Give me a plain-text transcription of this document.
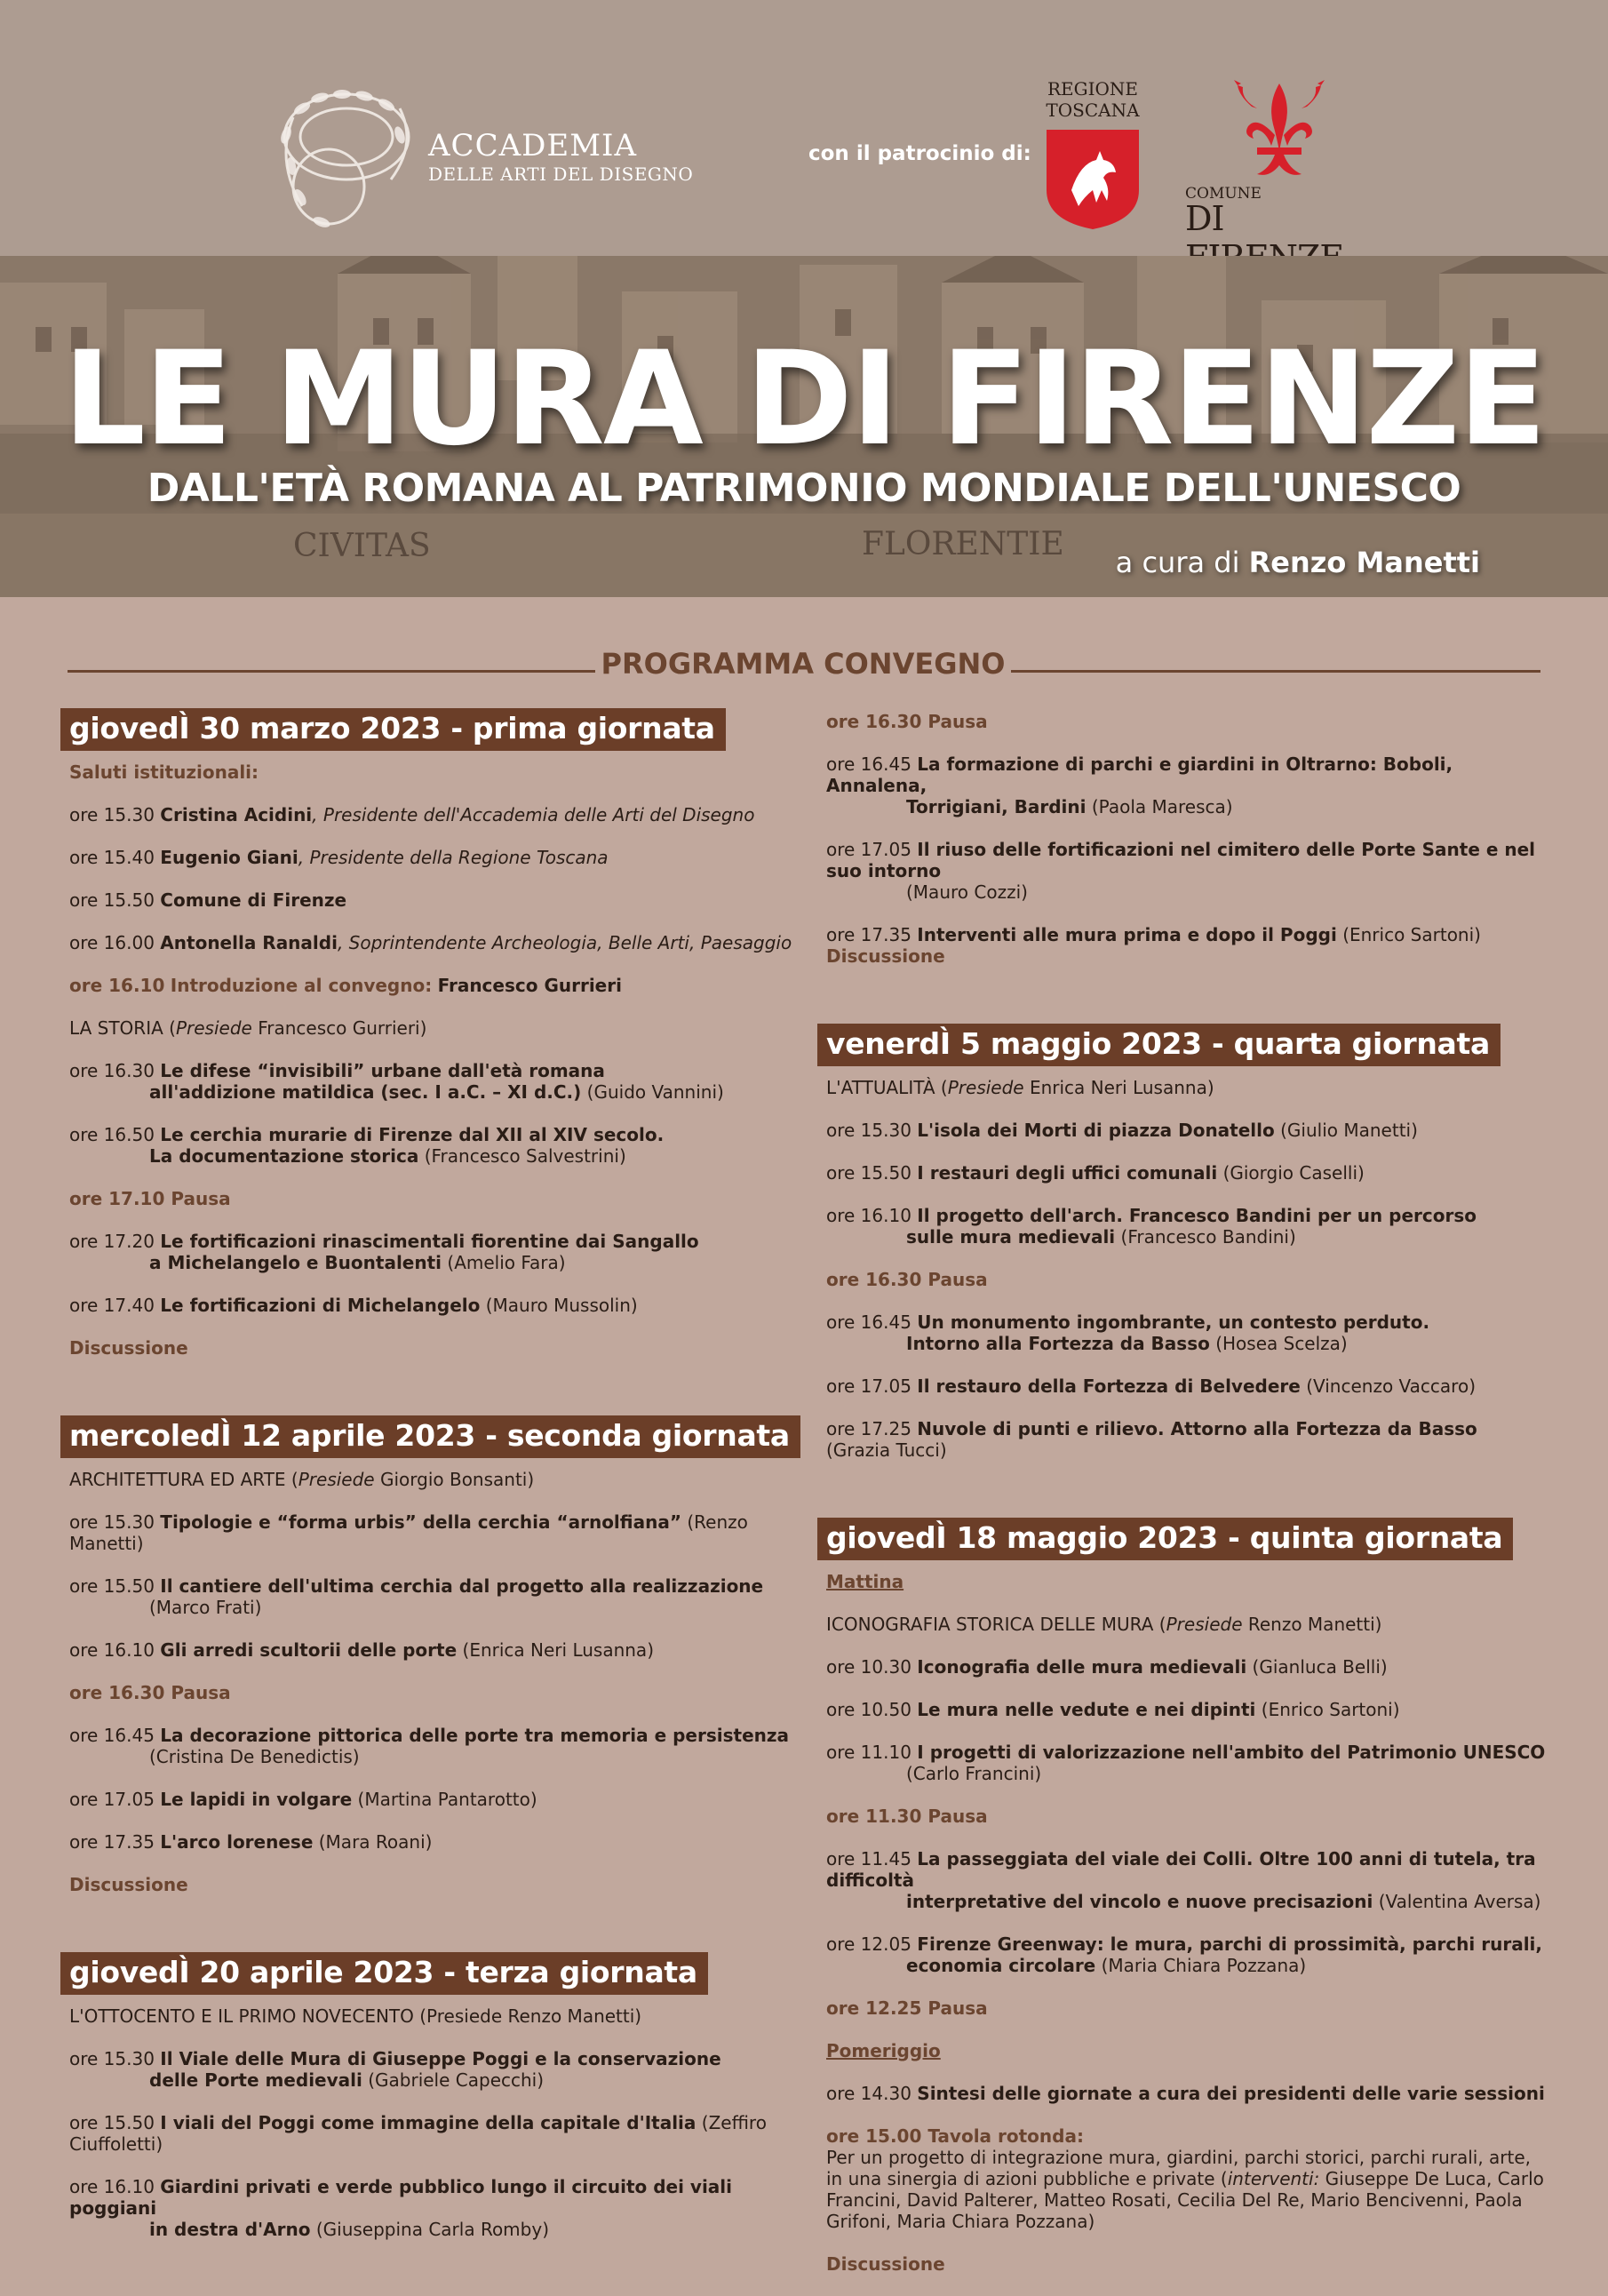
ACCADEMIA
DELLE ARTI DEL DISEGNO
con il patrocinio di:
REGIONE
TOSCANA
COMUNE
DI
CIVITAS	FLORENTIE
LE MURA DI FIRENZE
DALL'ETÀ ROMANA AL PATRIMONIO MONDIALE DELL'UNESCO
a cura di Renzo Manetti
PROGRAMMA CONVEGNO
giovedÌ 30 marzo 2023 - prima giornata
Saluti istituzionali:
ore 15.30 Cristina Acidini, Presidente dell'Accademia delle Arti del Disegno
ore 15.40 Eugenio Giani, Presidente della Regione Toscana
ore 15.50 Comune di Firenze
ore 16.00 Antonella Ranaldi, Soprintendente Archeologia, Belle Arti, Paesaggio
ore 16.10 Introduzione al convegno: Francesco Gurrieri
LA STORIA (Presiede Francesco Gurrieri)
ore 16.30 Le difese “invisibili” urbane dall'età romana
all'addizione matildica (sec. I a.C. – XI d.C.) (Guido Vannini)
ore 16.50 Le cerchia murarie di Firenze dal XII al XIV secolo.
La documentazione storica (Francesco Salvestrini)
ore 17.10 Pausa
ore 17.20 Le fortificazioni rinascimentali fiorentine dai Sangallo
a Michelangelo e Buontalenti (Amelio Fara)
ore 17.40 Le fortificazioni di Michelangelo (Mauro Mussolin)
Discussione
mercoledÌ 12 aprile 2023 - seconda giornata
ARCHITETTURA ED ARTE (Presiede Giorgio Bonsanti)
ore 15.30 Tipologie e “forma urbis” della cerchia “arnolfiana” (Renzo Manetti)
ore 15.50 Il cantiere dell'ultima cerchia dal progetto alla realizzazione
(Marco Frati)
ore 16.10 Gli arredi scultorii delle porte (Enrica Neri Lusanna)
ore 16.30 Pausa
ore 16.45 La decorazione pittorica delle porte tra memoria e persistenza
(Cristina De Benedictis)
ore 17.05 Le lapidi in volgare (Martina Pantarotto)
ore 17.35 L'arco lorenese (Mara Roani)
Discussione
giovedÌ 20 aprile 2023 - terza giornata
L'OTTOCENTO E IL PRIMO NOVECENTO (Presiede Renzo Manetti)
ore 15.30 Il Viale delle Mura di Giuseppe Poggi e la conservazione
delle Porte medievali (Gabriele Capecchi)
ore 15.50 I viali del Poggi come immagine della capitale d'Italia (Zeffiro Ciuffoletti)
ore 16.10 Giardini privati e verde pubblico lungo il circuito dei viali poggiani
in destra d'Arno (Giuseppina Carla Romby)
ore 16.30 Pausa
ore 16.45 La formazione di parchi e giardini in Oltrarno: Boboli, Annalena,
Torrigiani, Bardini (Paola Maresca)
ore 17.05 Il riuso delle fortificazioni nel cimitero delle Porte Sante e nel suo intorno
(Mauro Cozzi)
ore 17.35 Interventi alle mura prima e dopo il Poggi (Enrico Sartoni)
Discussione
venerdÌ 5 maggio 2023 - quarta giornata
L'ATTUALITÀ (Presiede Enrica Neri Lusanna)
ore 15.30 L'isola dei Morti di piazza Donatello (Giulio Manetti)
ore 15.50 I restauri degli uffici comunali (Giorgio Caselli)
ore 16.10 Il progetto dell'arch. Francesco Bandini per un percorso
sulle mura medievali (Francesco Bandini)
ore 16.30 Pausa
ore 16.45 Un monumento ingombrante, un contesto perduto.
Intorno alla Fortezza da Basso (Hosea Scelza)
ore 17.05 Il restauro della Fortezza di Belvedere (Vincenzo Vaccaro)
ore 17.25 Nuvole di punti e rilievo. Attorno alla Fortezza da Basso (Grazia Tucci)
giovedÌ 18 maggio 2023 - quinta giornata
Mattina
ICONOGRAFIA STORICA DELLE MURA (Presiede Renzo Manetti)
ore 10.30 Iconografia delle mura medievali (Gianluca Belli)
ore 10.50 Le mura nelle vedute e nei dipinti (Enrico Sartoni)
ore 11.10 I progetti di valorizzazione nell'ambito del Patrimonio UNESCO
(Carlo Francini)
ore 11.30 Pausa
ore 11.45 La passeggiata del viale dei Colli. Oltre 100 anni di tutela, tra difficoltà
interpretative del vincolo e nuove precisazioni (Valentina Aversa)
ore 12.05 Firenze Greenway: le mura, parchi di prossimità, parchi rurali,
economia circolare (Maria Chiara Pozzana)
ore 12.25 Pausa
Pomeriggio
ore 14.30 Sintesi delle giornate a cura dei presidenti delle varie sessioni
ore 15.00 Tavola rotonda:
Per un progetto di integrazione mura, giardini, parchi storici, parchi rurali, arte, in una sinergia di azioni pubbliche e private (interventi: Giuseppe De Luca, Carlo Francini, David Palterer, Matteo Rosati, Cecilia Del Re, Mario Bencivenni, Paola Grifoni, Maria Chiara Pozzana)
Discussione
